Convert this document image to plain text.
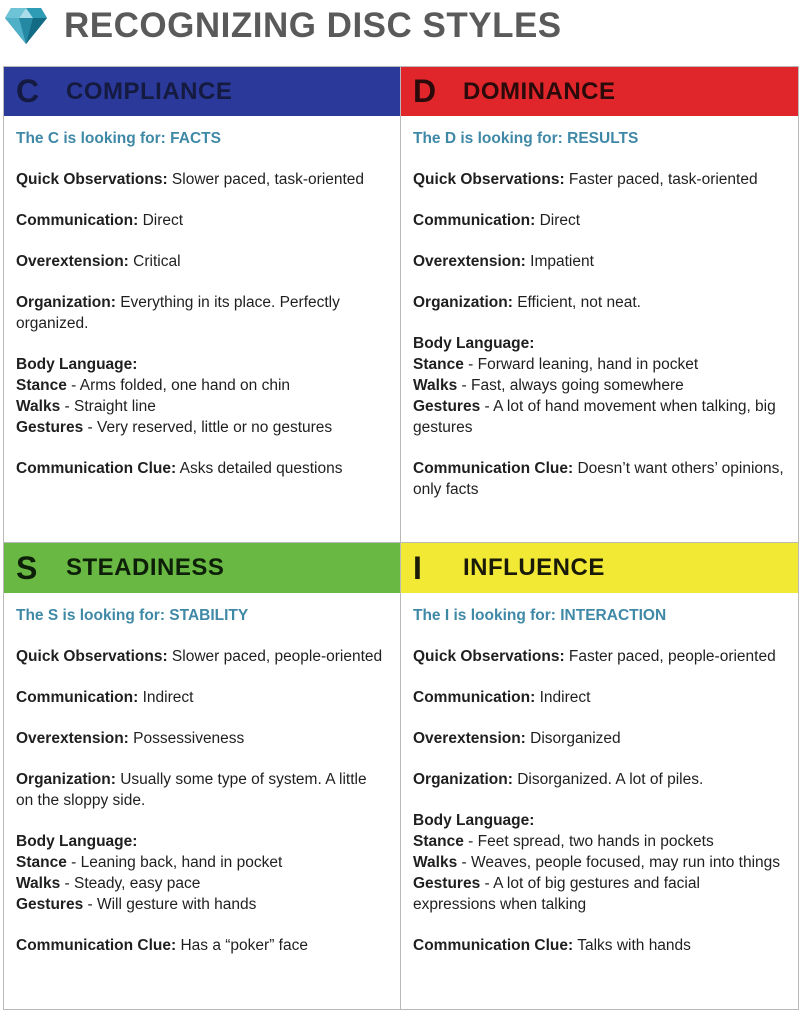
RECOGNIZING DISC STYLES
C	COMPLIANCE
The C is looking for: FACTS
Quick Observations: Slower paced, task-oriented
Communication: Direct
Overextension: Critical
Organization: Everything in its place. Perfectly organized.
Body Language:
Stance - Arms folded, one hand on chin
Walks - Straight line
Gestures - Very reserved, little or no gestures
Communication Clue: Asks detailed questions
D	DOMINANCE
The D is looking for: RESULTS
Quick Observations: Faster paced, task-oriented
Communication: Direct
Overextension: Impatient
Organization: Efficient, not neat.
Body Language:
Stance - Forward leaning, hand in pocket
Walks - Fast, always going somewhere
Gestures - A lot of hand movement when talking, big gestures
Communication Clue: Doesn’t want others’ opinions, only facts
S	STEADINESS
The S is looking for: STABILITY
Quick Observations: Slower paced, people-oriented
Communication: Indirect
Overextension: Possessiveness
Organization: Usually some type of system. A little on the sloppy side.
Body Language:
Stance - Leaning back, hand in pocket
Walks - Steady, easy pace
Gestures - Will gesture with hands
Communication Clue: Has a “poker” face
I	INFLUENCE
The I is looking for: INTERACTION
Quick Observations: Faster paced, people-oriented
Communication: Indirect
Overextension: Disorganized
Organization: Disorganized. A lot of piles.
Body Language:
Stance - Feet spread, two hands in pockets
Walks - Weaves, people focused, may run into things
Gestures - A lot of big gestures and facial expressions when talking
Communication Clue: Talks with hands
